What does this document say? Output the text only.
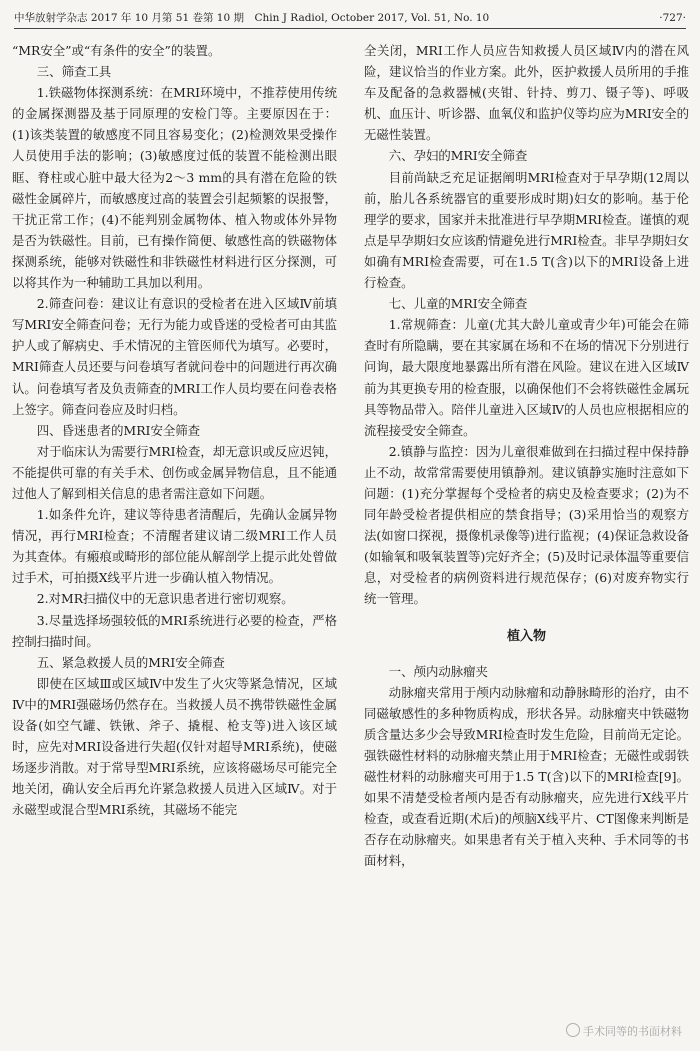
中华放射学杂志 2017 年 10 月第 51 卷第 10 期　Chin J Radiol, October 2017, Vol. 51, No. 10	·727·

“MR安全”或“有条件的安全”的装置。

三、筛查工具

1.铁磁物体探测系统：在MRI环境中，不推荐使用传统的金属探测器及基于同原理的安检门等。主要原因在于：(1)该类装置的敏感度不同且容易变化；(2)检测效果受操作人员使用手法的影响；(3)敏感度过低的装置不能检测出眼眶、脊柱或心脏中最大径为2～3 mm的具有潜在危险的铁磁性金属碎片，而敏感度过高的装置会引起频繁的误报警，干扰正常工作；(4)不能判别金属物体、植入物或体外异物是否为铁磁性。目前，已有操作简便、敏感性高的铁磁物体探测系统，能够对铁磁性和非铁磁性材料进行区分探测，可以将其作为一种辅助工具加以利用。

2.筛查问卷：建议让有意识的受检者在进入区域Ⅳ前填写MRI安全筛查问卷；无行为能力或昏迷的受检者可由其监护人或了解病史、手术情况的主管医师代为填写。必要时，MRI筛查人员还要与问卷填写者就问卷中的问题进行再次确认。问卷填写者及负责筛查的MRI工作人员均要在问卷表格上签字。筛查问卷应及时归档。

四、昏迷患者的MRI安全筛查

对于临床认为需要行MRI检查，却无意识或反应迟钝，不能提供可靠的有关手术、创伤或金属异物信息，且不能通过他人了解到相关信息的患者需注意如下问题。

1.如条件允许，建议等待患者清醒后，先确认金属异物情况，再行MRI检查；不清醒者建议请二级MRI工作人员为其查体。有瘢痕或畸形的部位能从解剖学上提示此处曾做过手术，可拍摄X线平片进一步确认植入物情况。

2.对MR扫描仪中的无意识患者进行密切观察。

3.尽量选择场强较低的MRI系统进行必要的检查，严格控制扫描时间。

五、紧急救援人员的MRI安全筛查

即使在区域Ⅲ或区域Ⅳ中发生了火灾等紧急情况，区域Ⅳ中的MRI强磁场仍然存在。当救援人员不携带铁磁性金属设备(如空气罐、铁锹、斧子、撬棍、枪支等)进入该区域时，应先对MRI设备进行失超(仅针对超导MRI系统)，使磁场逐步消散。对于常导型MRI系统，应该将磁场尽可能完全地关闭，确认安全后再允许紧急救援人员进入区域Ⅳ。对于永磁型或混合型MRI系统，其磁场不能完

全关闭，MRI工作人员应告知救援人员区域Ⅳ内的潜在风险，建议恰当的作业方案。此外，医护救援人员所用的手推车及配备的急救器械(夹钳、针持、剪刀、镊子等)、呼吸机、血压计、听诊器、血氧仪和监护仪等均应为MRI安全的无磁性装置。

六、孕妇的MRI安全筛查

目前尚缺乏充足证据阐明MRI检查对于早孕期(12周以前，胎儿各系统器官的重要形成时期)妇女的影响。基于伦理学的要求，国家并未批准进行早孕期MRI检查。谨慎的观点是早孕期妇女应该酌情避免进行MRI检查。非早孕期妇女如确有MRI检查需要，可在1.5 T(含)以下的MRI设备上进行检查。

七、儿童的MRI安全筛查

1.常规筛查：儿童(尤其大龄儿童或青少年)可能会在筛查时有所隐瞒，要在其家属在场和不在场的情况下分别进行问询，最大限度地暴露出所有潜在风险。建议在进入区域Ⅳ前为其更换专用的检查服，以确保他们不会将铁磁性金属玩具等物品带入。陪伴儿童进入区域Ⅳ的人员也应根据相应的流程接受安全筛查。

2.镇静与监控：因为儿童很难做到在扫描过程中保持静止不动，故常常需要使用镇静剂。建议镇静实施时注意如下问题：(1)充分掌握每个受检者的病史及检查要求；(2)为不同年龄受检者提供相应的禁食指导；(3)采用恰当的观察方法(如窗口探视，摄像机录像等)进行监视；(4)保证急救设备(如输氧和吸氧装置等)完好齐全；(5)及时记录体温等重要信息，对受检者的病例资料进行规范保存；(6)对废弃物实行统一管理。

植入物
一、颅内动脉瘤夹

动脉瘤夹常用于颅内动脉瘤和动静脉畸形的治疗，由不同磁敏感性的多种物质构成，形状各异。动脉瘤夹中铁磁物质含量达多少会导致MRI检查时发生危险，目前尚无定论。强铁磁性材料的动脉瘤夹禁止用于MRI检查；无磁性或弱铁磁性材料的动脉瘤夹可用于1.5 T(含)以下的MRI检查[9]。如果不清楚受检者颅内是否有动脉瘤夹，应先进行X线平片检查，或查看近期(术后)的颅脑X线平片、CT图像来判断是否存在动脉瘤夹。如果患者有关于植入夹种、手术同等的书面材料，

手术同等的书面材料
